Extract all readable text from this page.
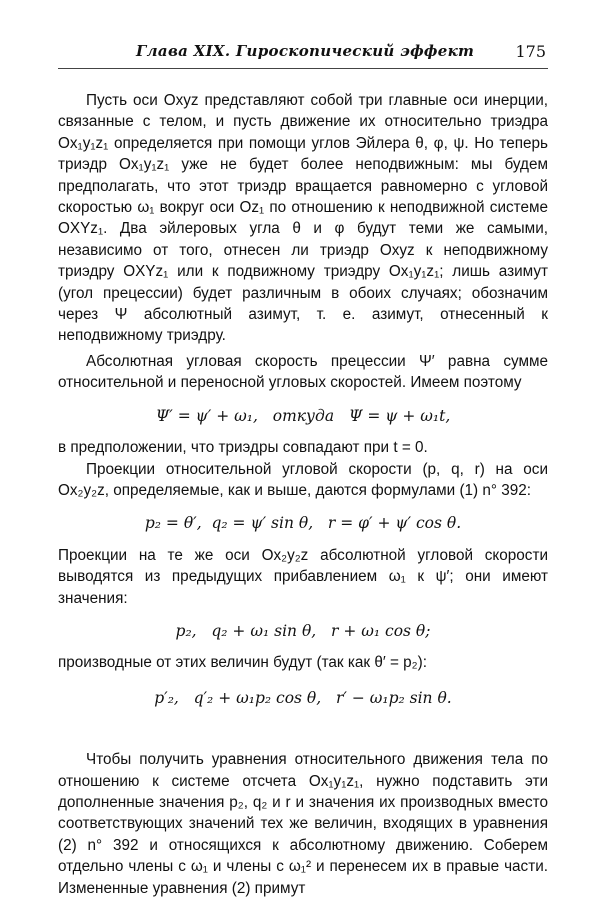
Глава XIX. Гироскопический эффект	175

Пусть оси Oxyz представляют собой три главные оси инерции, связанные с телом, и пусть движение их относительно триэдра Ox₁y₁z₁ определяется при помощи углов Эйлера θ, φ, ψ. Но теперь триэдр Ox₁y₁z₁ уже не будет более неподвижным: мы будем предполагать, что этот триэдр вращается равномерно с угловой скоростью ω₁ вокруг оси Oz₁ по отношению к неподвижной системе OXYz₁. Два эйлеровых угла θ и φ будут теми же самыми, независимо от того, отнесен ли триэдр Oxyz к неподвижному триэдру OXYz₁ или к подвижному триэдру Ox₁y₁z₁; лишь азимут (угол прецессии) будет различным в обоих случаях; обозначим через Ψ абсолютный азимут, т. е. азимут, отнесенный к неподвижному триэдру.

Абсолютная угловая скорость прецессии Ψ′ равна сумме относительной и переносной угловых скоростей. Имеем поэтому

Ψ′ = ψ′ + ω₁,   откуда   Ψ = ψ + ω₁t,

в предположении, что триэдры совпадают при t = 0.

Проекции относительной угловой скорости (p, q, r) на оси Ox₂y₂z, определяемые, как и выше, даются формулами (1) n° 392:

p₂ = θ′,  q₂ = ψ′ sin θ,   r = φ′ + ψ′ cos θ.

Проекции на те же оси Ox₂y₂z абсолютной угловой скорости выводятся из предыдущих прибавлением ω₁ к ψ′; они имеют значения:

p₂,   q₂ + ω₁ sin θ,   r + ω₁ cos θ;

производные от этих величин будут (так как θ′ = p₂):

p′₂,   q′₂ + ω₁p₂ cos θ,   r′ − ω₁p₂ sin θ.

Чтобы получить уравнения относительного движения тела по отношению к системе отсчета Ox₁y₁z₁, нужно подставить эти дополненные значения p₂, q₂ и r и значения их производных вместо соответствующих значений тех же величин, входящих в уравнения (2) n° 392 и относящихся к абсолютному движению. Соберем отдельно члены с ω₁ и члены с ω₁² и перенесем их в правые части. Измененные уравнения (2) примут
